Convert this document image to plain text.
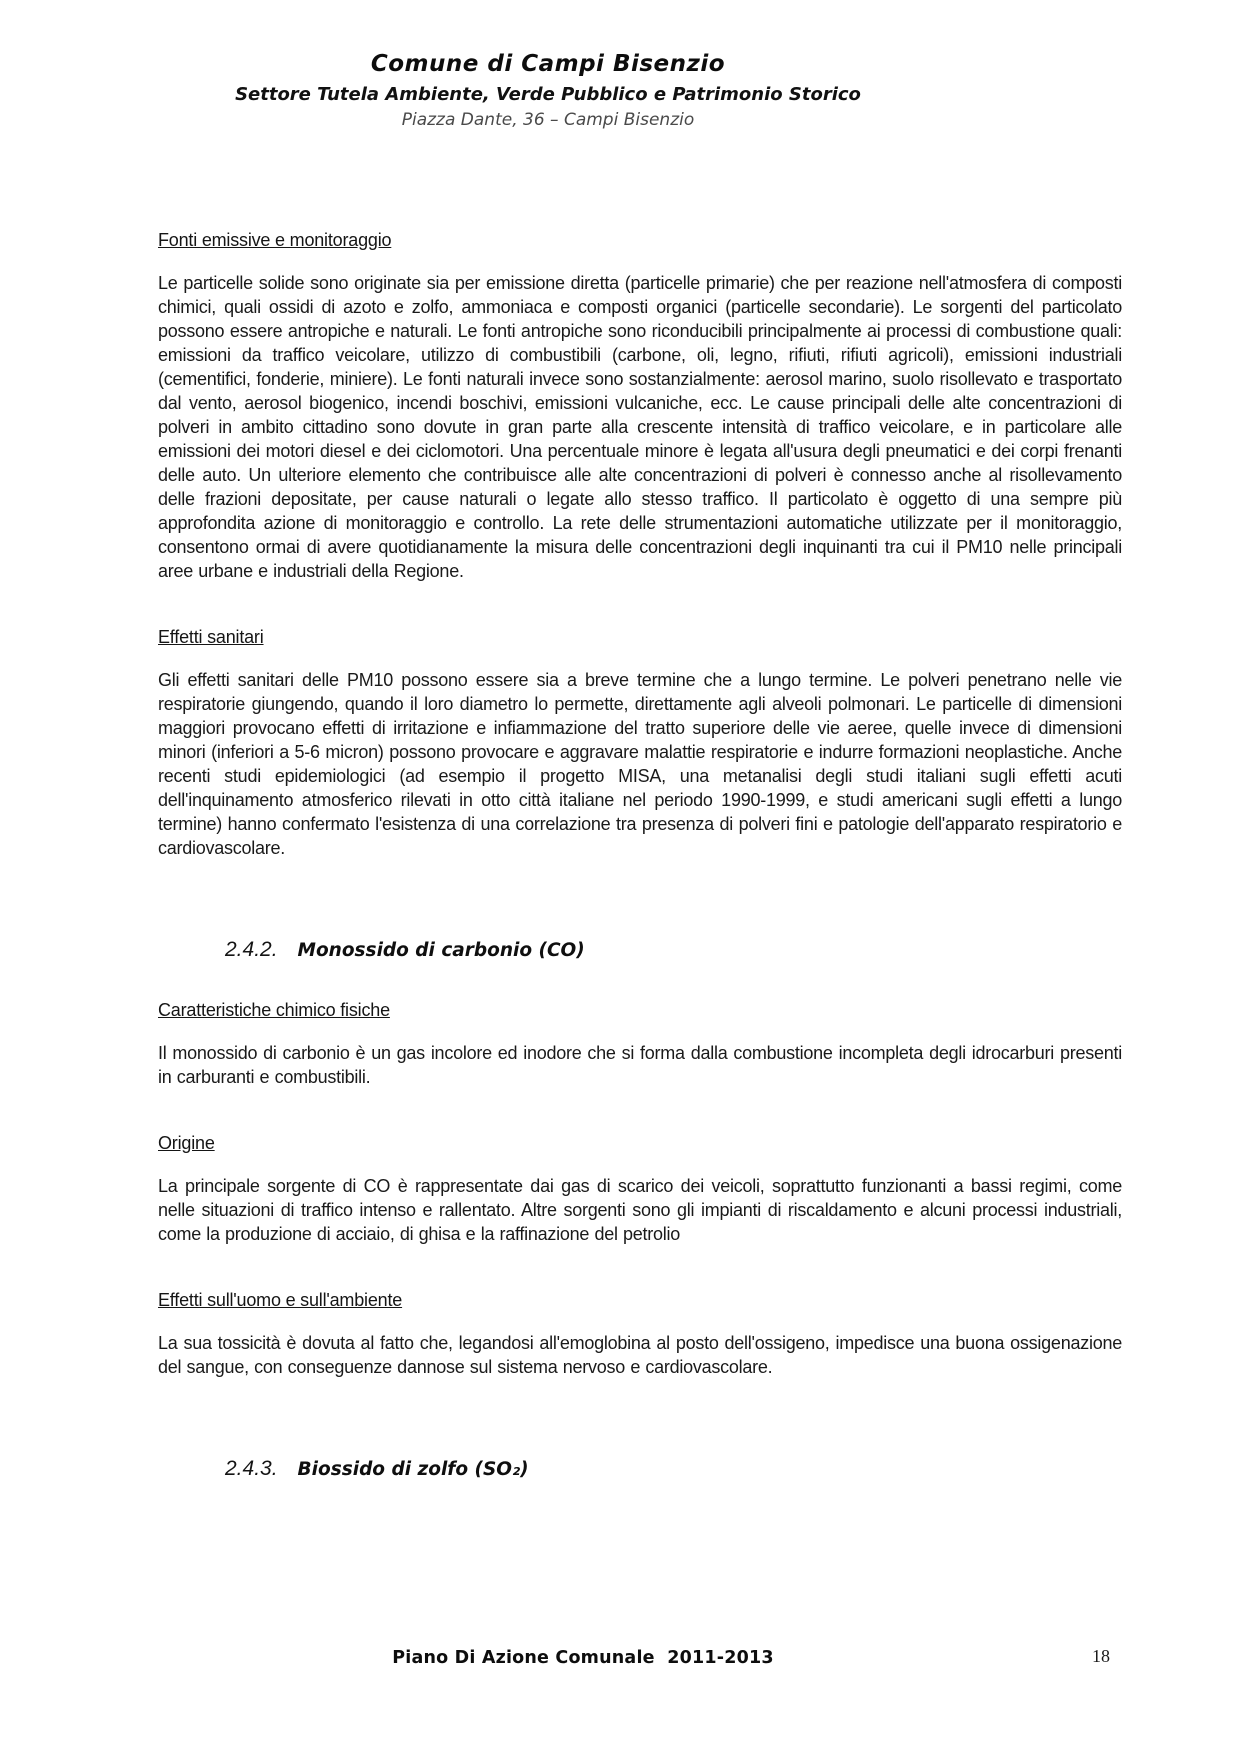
Comune di Campi Bisenzio
Settore Tutela Ambiente, Verde Pubblico e Patrimonio Storico
Piazza Dante, 36 – Campi Bisenzio
Fonti emissive e monitoraggio

Le particelle solide sono originate sia per emissione diretta (particelle primarie) che per reazione nell'atmosfera di composti chimici, quali ossidi di azoto e zolfo, ammoniaca e composti organici (particelle secondarie). Le sorgenti del particolato possono essere antropiche e naturali. Le fonti antropiche sono riconducibili principalmente ai processi di combustione quali: emissioni da traffico veicolare, utilizzo di combustibili (carbone, oli, legno, rifiuti, rifiuti agricoli), emissioni industriali (cementifici, fonderie, miniere). Le fonti naturali invece sono sostanzialmente: aerosol marino, suolo risollevato e trasportato dal vento, aerosol biogenico, incendi boschivi, emissioni vulcaniche, ecc. Le cause principali delle alte concentrazioni di polveri in ambito cittadino sono dovute in gran parte alla crescente intensità di traffico veicolare, e in particolare alle emissioni dei motori diesel e dei ciclomotori. Una percentuale minore è legata all'usura degli pneumatici e dei corpi frenanti delle auto. Un ulteriore elemento che contribuisce alle alte concentrazioni di polveri è connesso anche al risollevamento delle frazioni depositate, per cause naturali o legate allo stesso traffico. Il particolato è oggetto di una sempre più approfondita azione di monitoraggio e controllo. La rete delle strumentazioni automatiche utilizzate per il monitoraggio, consentono ormai di avere quotidianamente la misura delle concentrazioni degli inquinanti tra cui il PM10 nelle principali aree urbane e industriali della Regione.

Effetti sanitari

Gli effetti sanitari delle PM10 possono essere sia a breve termine che a lungo termine. Le polveri penetrano nelle vie respiratorie giungendo, quando il loro diametro lo permette, direttamente agli alveoli polmonari. Le particelle di dimensioni maggiori provocano effetti di irritazione e infiammazione del tratto superiore delle vie aeree, quelle invece di dimensioni minori (inferiori a 5-6 micron) possono provocare e aggravare malattie respiratorie e indurre formazioni neoplastiche. Anche recenti studi epidemiologici (ad esempio il progetto MISA, una metanalisi degli studi italiani sugli effetti acuti dell'inquinamento atmosferico rilevati in otto città italiane nel periodo 1990-1999, e studi americani sugli effetti a lungo termine) hanno confermato l'esistenza di una correlazione tra presenza di polveri fini e patologie dell'apparato respiratorio e cardiovascolare.

2.4.2. Monossido di carbonio (CO)
Caratteristiche chimico fisiche

Il monossido di carbonio è un gas incolore ed inodore che si forma dalla combustione incompleta degli idrocarburi presenti in carburanti e combustibili.

Origine

La principale sorgente di CO è rappresentate dai gas di scarico dei veicoli, soprattutto funzionanti a bassi regimi, come nelle situazioni di traffico intenso e rallentato. Altre sorgenti sono gli impianti di riscaldamento e alcuni processi industriali, come la produzione di acciaio, di ghisa e la raffinazione del petrolio

Effetti sull'uomo e sull'ambiente

La sua tossicità è dovuta al fatto che, legandosi all'emoglobina al posto dell'ossigeno, impedisce una buona ossigenazione del sangue, con conseguenze dannose sul sistema nervoso e cardiovascolare.

2.4.3. Biossido di zolfo (SO₂)
Piano Di Azione Comunale  2011-2013	18
